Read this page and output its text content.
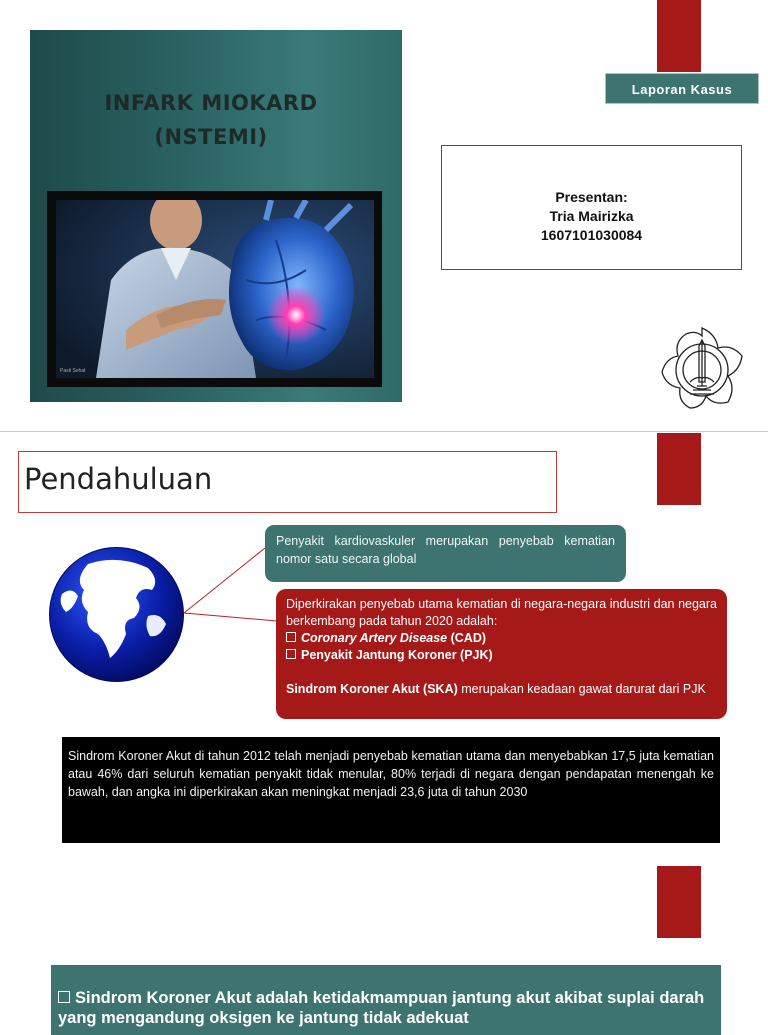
INFARK MIOKARD
(NSTEMI)
Pasti Sehat
Laporan Kasus
Presentan:
Tria Mairizka
1607101030084
Pendahuluan
Penyakit kardiovaskuler merupakan penyebab kematian nomor satu secara global

Diperkirakan penyebab utama kematian di negara-negara industri dan negara berkembang pada tahun 2020 adalah:

Coronary Artery Disease (CAD)

Penyakit Jantung Koroner (PJK)

Sindrom Koroner Akut (SKA) merupakan keadaan gawat darurat dari PJK

Sindrom Koroner Akut di tahun 2012 telah menjadi penyebab kematian utama dan menyebabkan 17,5 juta kematian atau 46% dari seluruh kematian penyakit tidak menular, 80% terjadi di negara dengan pendapatan menengah ke bawah, dan angka ini diperkirakan akan meningkat menjadi 23,6 juta di tahun 2030
Sindrom Koroner Akut adalah ketidakmampuan jantung akut akibat suplai darah yang mengandung oksigen ke jantung tidak adekuat
